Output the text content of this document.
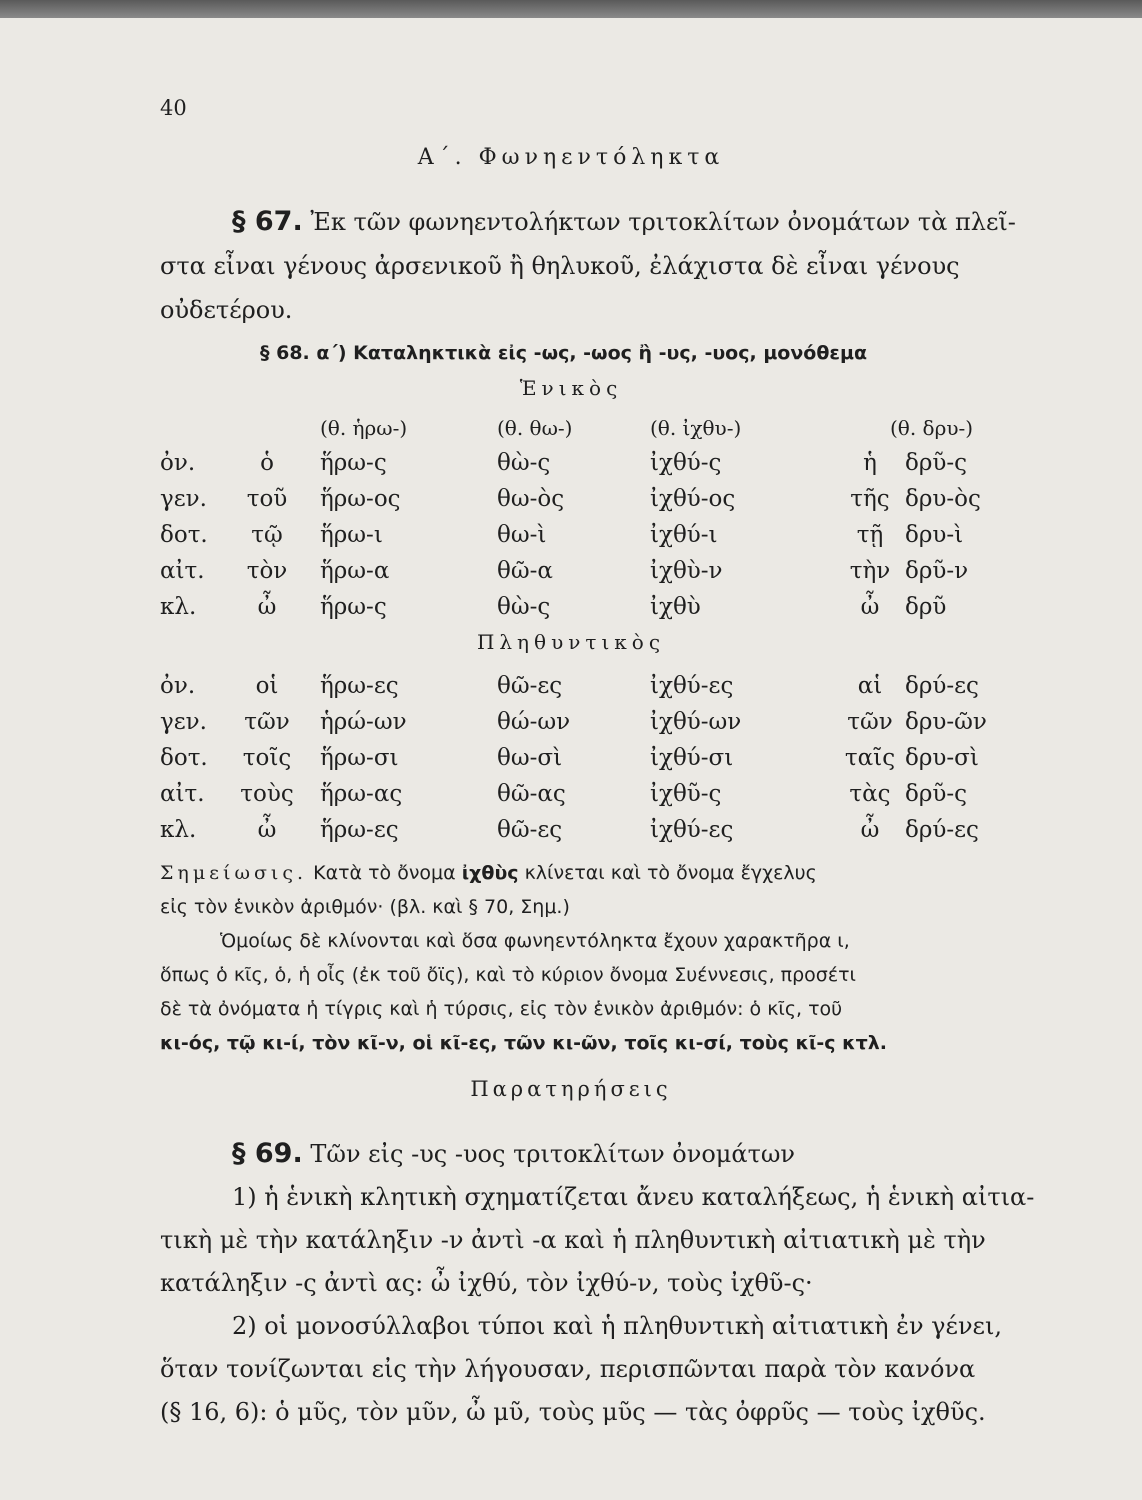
40
Α΄. Φωνηεντόληκτα
§ 67. Ἐκ τῶν φωνηεντολήκτων τριτοκλίτων ὀνομάτων τὰ πλεῖ-
στα εἶναι γένους ἀρσενικοῦ ἢ θηλυκοῦ, ἐλάχιστα δὲ εἶναι γένους
οὐδετέρου.
§ 68. α΄) Καταληκτικὰ εἰς -ως, -ωος ἢ -υς, -υος, μονόθεμα
Ἑνικὸς
(θ. ἡρω-)	(θ. θω-)	(θ. ἰχθυ-)	(θ. δρυ-)
ὀν.	ὁ	ἥρω-ς	θὼ-ς	ἰχθύ-ς	ἡ	δρῦ-ς
γεν.	τοῦ	ἥρω-ος	θω-ὸς	ἰχθύ-ος	τῆς δρυ-ὸς
δοτ.	τῷ	ἥρω-ι	θω-ὶ	ἰχθύ-ι	τῇ δρυ-ὶ
αἰτ.	τὸν	ἥρω-α	θῶ-α	ἰχθὺ-ν	τὴν δρῦ-ν
κλ.	ὦ	ἥρω-ς	θὼ-ς	ἰχθὺ	ὦ	δρῦ
Πληθυντικὸς
ὀν.	οἱ	ἥρω-ες	θῶ-ες	ἰχθύ-ες	αἱ δρύ-ες
γεν.	τῶν	ἡρώ-ων	θώ-ων	ἰχθύ-ων	τῶν δρυ-ῶν
δοτ.	τοῖς	ἥρω-σι	θω-σὶ	ἰχθύ-σι	ταῖς δρυ-σὶ
αἰτ.	τοὺς	ἥρω-ας	θῶ-ας	ἰχθῦ-ς	τὰς δρῦ-ς
κλ.	ὦ	ἥρω-ες	θῶ-ες	ἰχθύ-ες	ὦ	δρύ-ες
Σημείωσις. Κατὰ τὸ ὄνομα ἰχθὺς κλίνεται καὶ τὸ ὄνομα ἔγχελυς
εἰς τὸν ἑνικὸν ἀριθμόν· (βλ. καὶ § 70, Σημ.)
Ὁμοίως δὲ κλίνονται καὶ ὅσα φωνηεντόληκτα ἔχουν χαρακτῆρα ι,
ὅπως ὁ κῖς, ὁ, ἡ οἶς (ἐκ τοῦ ὄϊς), καὶ τὸ κύριον ὄνομα Συέννεσις, προσέτι
δὲ τὰ ὀνόματα ἡ τίγρις καὶ ἡ τύρσις, εἰς τὸν ἑνικὸν ἀριθμόν: ὁ κῖς, τοῦ
κι-ός, τῷ κι-ί, τὸν κῖ-ν, οἱ κῖ-ες, τῶν κι-ῶν, τοῖς κι-σί, τοὺς κῖ-ς κτλ.
Παρατηρήσεις
§ 69. Τῶν εἰς -υς -υος τριτοκλίτων ὀνομάτων
1) ἡ ἑνικὴ κλητικὴ σχηματίζεται ἄνευ καταλήξεως, ἡ ἑνικὴ αἰτια-
τικὴ μὲ τὴν κατάληξιν -ν ἀντὶ -α καὶ ἡ πληθυντικὴ αἰτιατικὴ μὲ τὴν
κατάληξιν -ς ἀντὶ ας: ὦ ἰχθύ, τὸν ἰχθύ-ν, τοὺς ἰχθῦ-ς·
2) οἱ μονοσύλλαβοι τύποι καὶ ἡ πληθυντικὴ αἰτιατικὴ ἐν γένει,
ὅταν τονίζωνται εἰς τὴν λήγουσαν, περισπῶνται παρὰ τὸν κανόνα
(§ 16, 6): ὁ μῦς, τὸν μῦν, ὦ μῦ, τοὺς μῦς — τὰς ὀφρῦς — τοὺς ἰχθῦς.
